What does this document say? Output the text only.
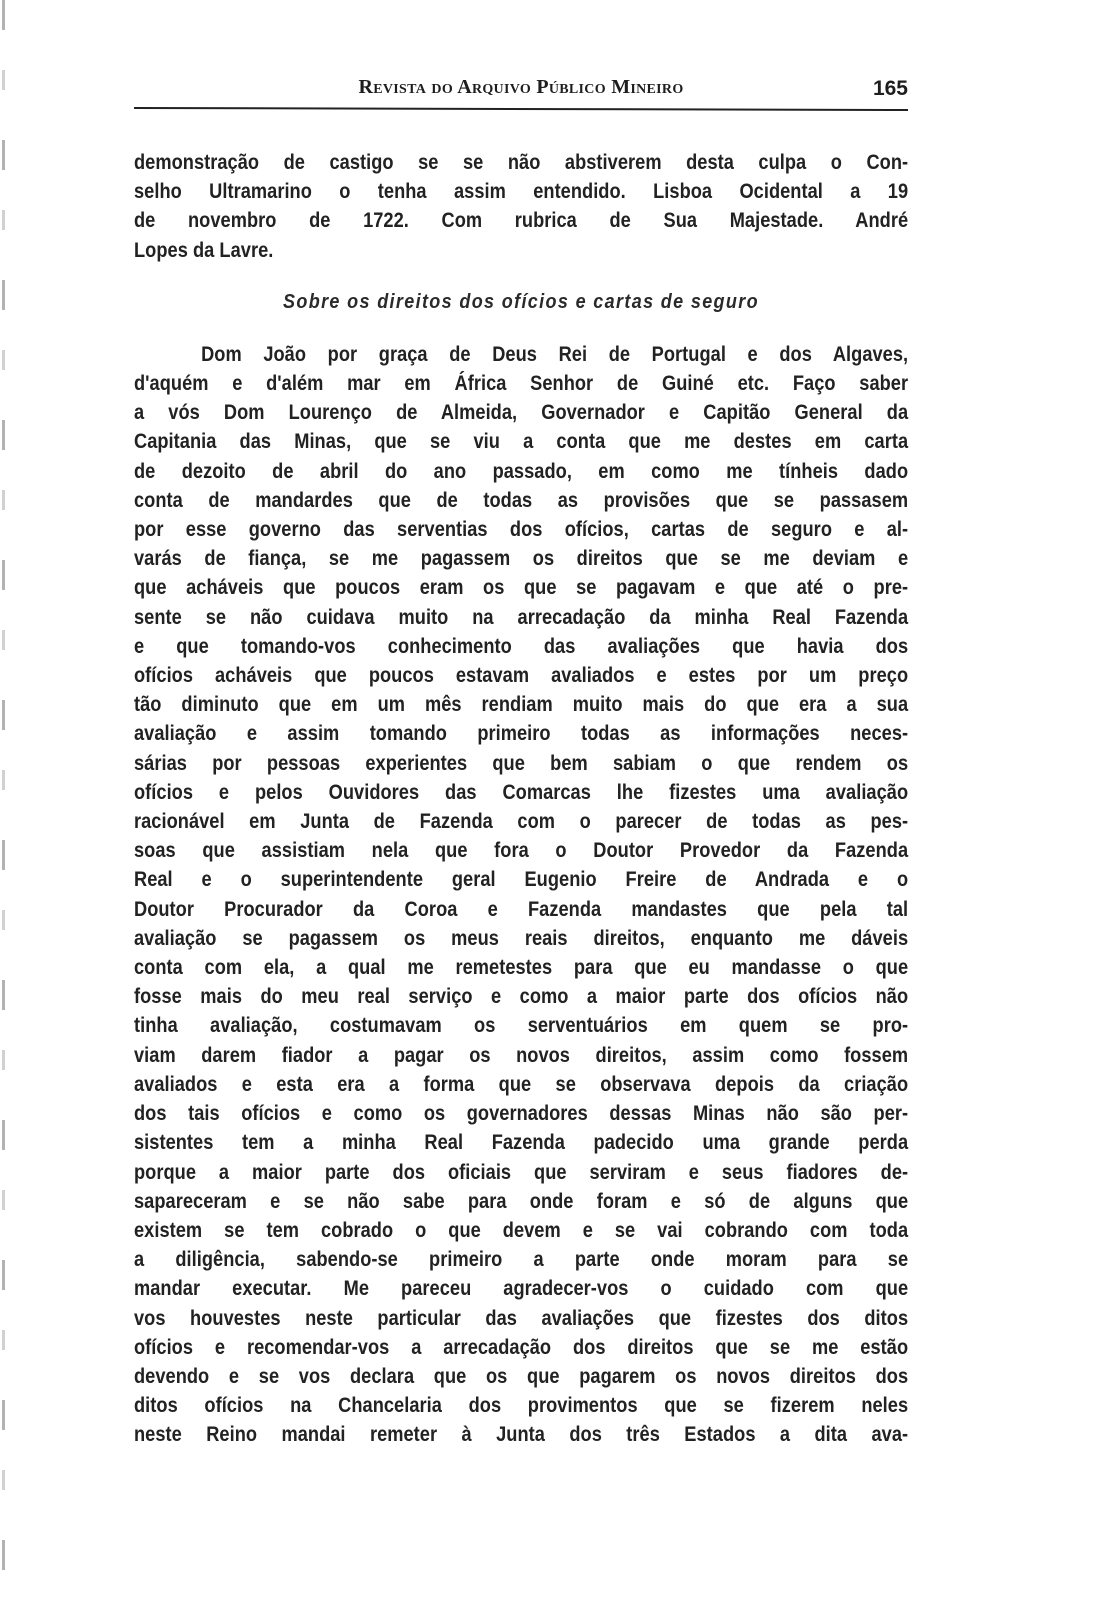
Revista do Arquivo Público Mineiro	165
demonstração de castigo se se não abstiverem desta culpa o Con-
selho Ultramarino o tenha assim entendido. Lisboa Ocidental a 19
de novembro de 1722. Com rubrica de Sua Majestade. André
Lopes da Lavre.
Sobre os direitos dos ofícios e cartas de seguro
Dom João por graça de Deus Rei de Portugal e dos Algaves,
d'aquém e d'além mar em África Senhor de Guiné etc. Faço saber
a vós Dom Lourenço de Almeida, Governador e Capitão General da
Capitania das Minas, que se viu a conta que me destes em carta
de dezoito de abril do ano passado, em como me tínheis dado
conta de mandardes que de todas as provisões que se passasem
por esse governo das serventias dos ofícios, cartas de seguro e al-
varás de fiança, se me pagassem os direitos que se me deviam e
que acháveis que poucos eram os que se pagavam e que até o pre-
sente se não cuidava muito na arrecadação da minha Real Fazenda
e que tomando-vos conhecimento das avaliações que havia dos
ofícios acháveis que poucos estavam avaliados e estes por um preço
tão diminuto que em um mês rendiam muito mais do que era a sua
avaliação e assim tomando primeiro todas as informações neces-
sárias por pessoas experientes que bem sabiam o que rendem os
ofícios e pelos Ouvidores das Comarcas lhe fizestes uma avaliação
racionável em Junta de Fazenda com o parecer de todas as pes-
soas que assistiam nela que fora o Doutor Provedor da Fazenda
Real e o superintendente geral Eugenio Freire de Andrada e o
Doutor Procurador da Coroa e Fazenda mandastes que pela tal
avaliação se pagassem os meus reais direitos, enquanto me dáveis
conta com ela, a qual me remetestes para que eu mandasse o que
fosse mais do meu real serviço e como a maior parte dos ofícios não
tinha avaliação, costumavam os serventuários em quem se pro-
viam darem fiador a pagar os novos direitos, assim como fossem
avaliados e esta era a forma que se observava depois da criação
dos tais ofícios e como os governadores dessas Minas não são per-
sistentes tem a minha Real Fazenda padecido uma grande perda
porque a maior parte dos oficiais que serviram e seus fiadores de-
sapareceram e se não sabe para onde foram e só de alguns que
existem se tem cobrado o que devem e se vai cobrando com toda
a diligência, sabendo-se primeiro a parte onde moram para se
mandar executar. Me pareceu agradecer-vos o cuidado com que
vos houvestes neste particular das avaliações que fizestes dos ditos
ofícios e recomendar-vos a arrecadação dos direitos que se me estão
devendo e se vos declara que os que pagarem os novos direitos dos
ditos ofícios na Chancelaria dos provimentos que se fizerem neles
neste Reino mandai remeter à Junta dos três Estados a dita ava-
